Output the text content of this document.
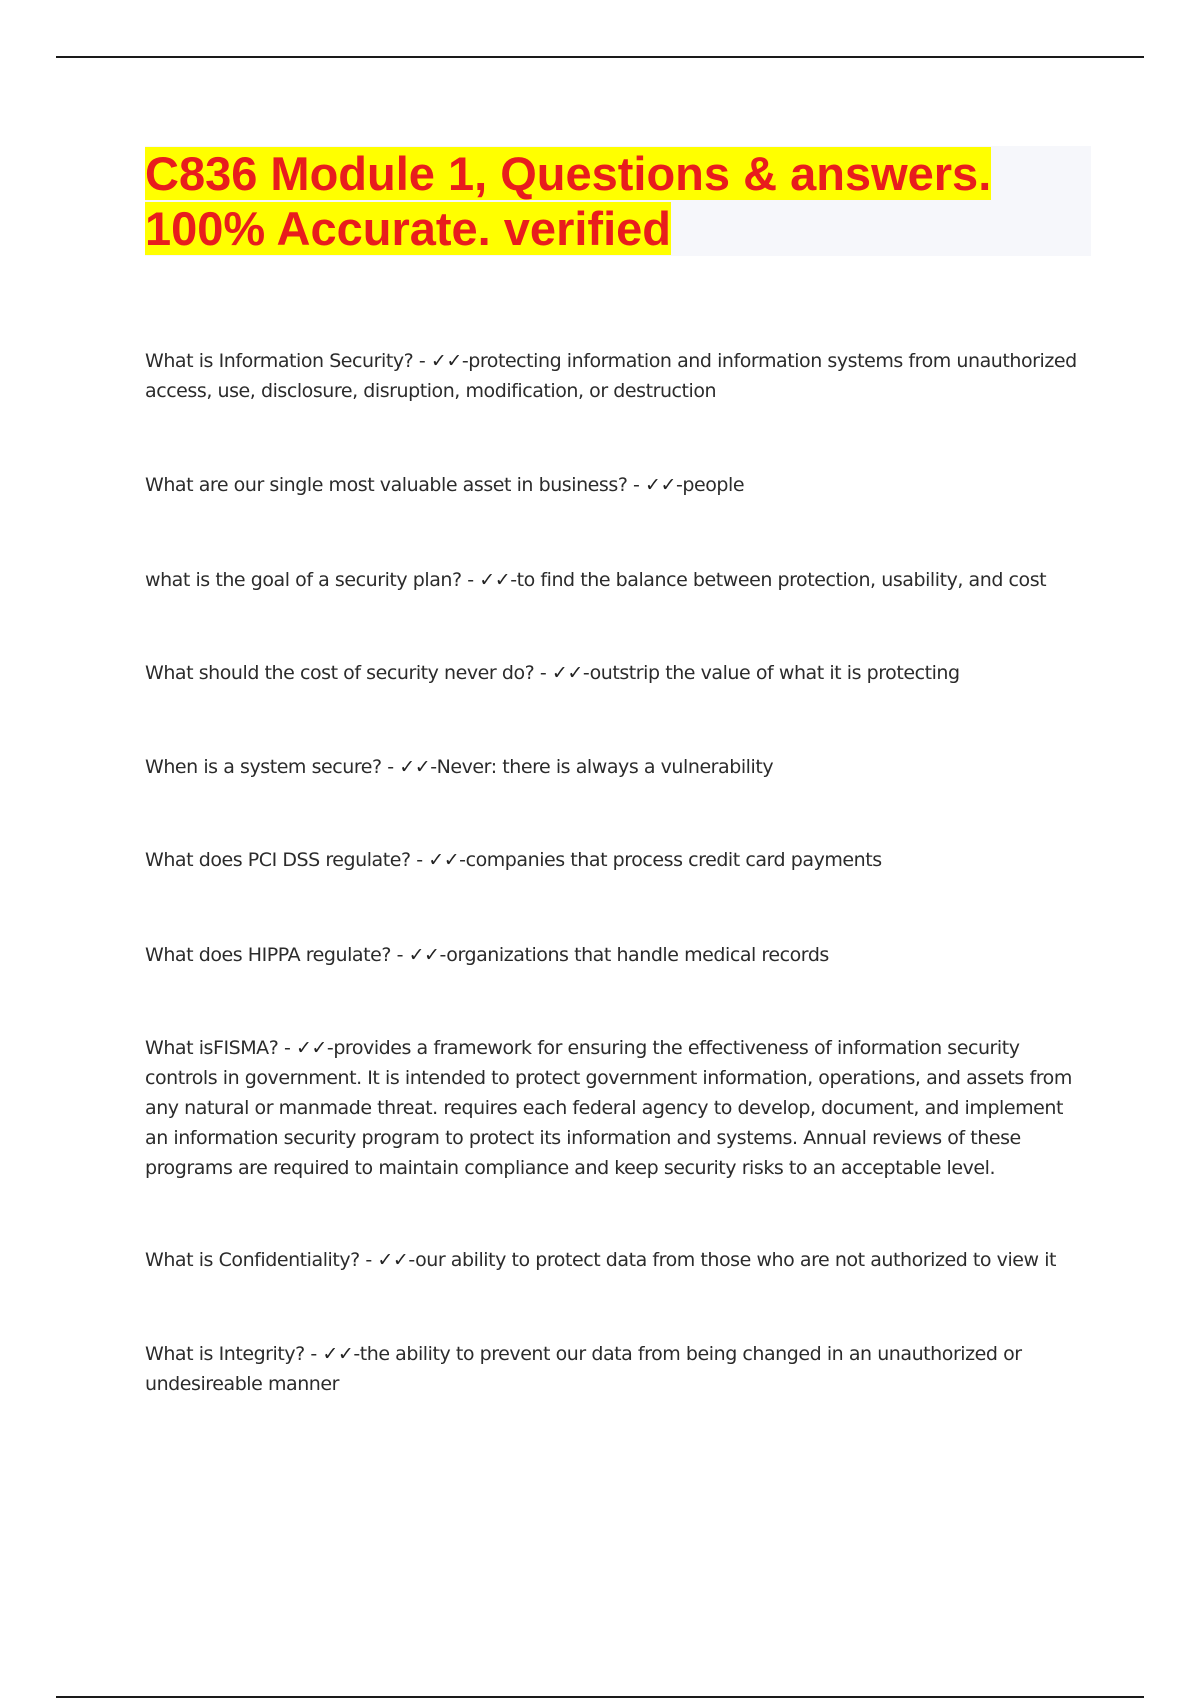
C836 Module 1, Questions & answers.
100% Accurate. verified
What is Information Security? - ✓✓-protecting information and information systems from unauthorized access, use, disclosure, disruption, modification, or destruction
What are our single most valuable asset in business? - ✓✓-people
what is the goal of a security plan? - ✓✓-to find the balance between protection, usability, and cost
What should the cost of security never do? - ✓✓-outstrip the value of what it is protecting
When is a system secure? - ✓✓-Never: there is always a vulnerability
What does PCI DSS regulate? - ✓✓-companies that process credit card payments
What does HIPPA regulate? - ✓✓-organizations that handle medical records
What isFISMA? - ✓✓-provides a framework for ensuring the effectiveness of information security controls in government. It is intended to protect government information, operations, and assets from any natural or manmade threat. requires each federal agency to develop, document, and implement an information security program to protect its information and systems. Annual reviews of these programs are required to maintain compliance and keep security risks to an acceptable level.
What is Confidentiality? - ✓✓-our ability to protect data from those who are not authorized to view it
What is Integrity? - ✓✓-the ability to prevent our data from being changed in an unauthorized or undesireable manner
